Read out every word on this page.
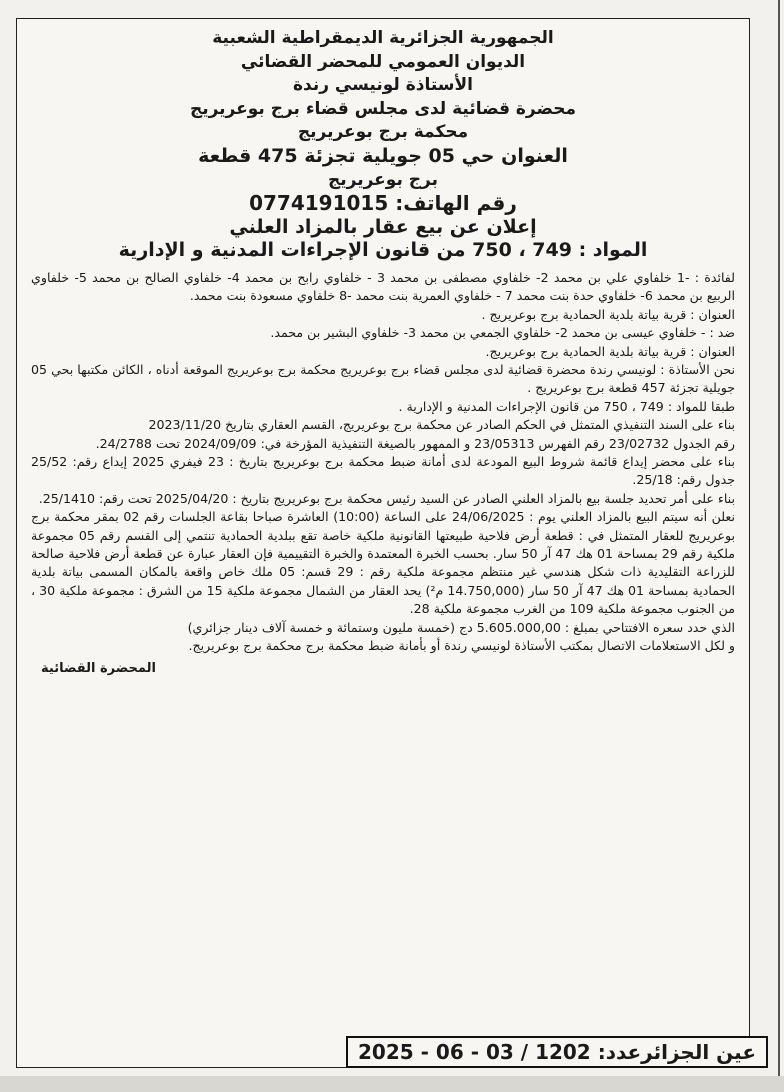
الجمهورية الجزائرية الديمقراطية الشعبية
الديوان العمومي للمحضر القضائي
الأستاذة لونيسي رندة
محضرة قضائية لدى مجلس قضاء برج بوعريريج
محكمة برج بوعريريج
العنوان حي 05 جويلية تجزئة 475 قطعة
برج بوعريريج
رقم الهاتف: 0774191015
إعلان عن بيع عقار بالمزاد العلني
المواد : 749 ، 750 من قانون الإجراءات المدنية و الإدارية
لفائدة : -1 خلفاوي علي بن محمد 2- خلفاوي مصطفى بن محمد 3 - خلفاوي رابح بن محمد 4- خلفاوي الصالح بن محمد 5- خلفاوي الربيع بن محمد 6- خلفاوي حدة بنت محمد 7 - خلفاوي العمرية بنت محمد -8 خلفاوي مسعودة بنت محمد.
العنوان : قرية بياتة بلدية الحمادية برج بوعريريج .
ضد : - خلفاوي عيسى بن محمد 2- خلفاوي الجمعي بن محمد 3- خلفاوي البشير بن محمد.
العنوان : قرية بياتة بلدية الحمادية برج بوعريريج.
نحن الأستاذة : لونيسي رندة محضرة قضائية لدى مجلس قضاء برج بوعريريج محكمة برج بوعريريج الموقعة أدناه ، الكائن مكتبها بحي 05 جويلية تجزئة 457 قطعة برج بوعريريج .
طبقا للمواد : 749 ، 750 من قانون الإجراءات المدنية و الإدارية .
بناء على السند التنفيذي المتمثل في الحكم الصادر عن محكمة برج بوعريريج، القسم العقاري بتاريخ 2023/11/20
رقم الجدول 23/02732 رقم الفهرس 23/05313 و الممهور بالصيغة التنفيذية المؤرخة في: 2024/09/09 تحت 24/2788.
بناء على محضر إيداع قائمة شروط البيع المودعة لدى أمانة ضبط محكمة برج بوعريريج بتاريخ : 23 فيفري 2025 إيداع رقم: 25/52 جدول رقم: 25/18.
بناء على أمر تحديد جلسة بيع بالمزاد العلني الصادر عن السيد رئيس محكمة برج بوعريريج بتاريخ : 2025/04/20 تحت رقم: 25/1410.
نعلن أنه سيتم البيع بالمزاد العلني يوم : 24/06/2025 على الساعة (10:00) العاشرة صباحا بقاعة الجلسات رقم 02 بمقر محكمة برج بوعريريج للعقار المتمثل في : قطعة أرض فلاحية طبيعتها القانونية ملكية خاصة تقع ببلدية الحمادية تنتمي إلى القسم رقم 05 مجموعة ملكية رقم 29 بمساحة 01 هك 47 آر 50 سار. بحسب الخبرة المعتمدة والخبرة التقييمية فإن العقار عبارة عن قطعة أرض فلاحية صالحة للزراعة التقليدية ذات شكل هندسي غير منتظم مجموعة ملكية رقم : 29 قسم: 05 ملك خاص واقعة بالمكان المسمى بياتة بلدية الحمادية بمساحة 01 هك 47 آر 50 سار (14.750,000 م²) يحد العقار من الشمال مجموعة ملكية 15 من الشرق : مجموعة ملكية 30 ، من الجنوب مجموعة ملكية 109 من الغرب مجموعة ملكية 28.
الذي حدد سعره الافتتاحي بمبلغ : 5.605.000,00 دج (خمسة مليون وستمائة و خمسة آلاف دينار جزائري)
و لكل الاستعلامات الاتصال بمكتب الأستاذة لونيسي رندة أو بأمانة ضبط محكمة برج محكمة برج بوعريريج.
المحضرة القضائية
عين الجزائرعدد: 1202 / 03 - 06 - 2025
